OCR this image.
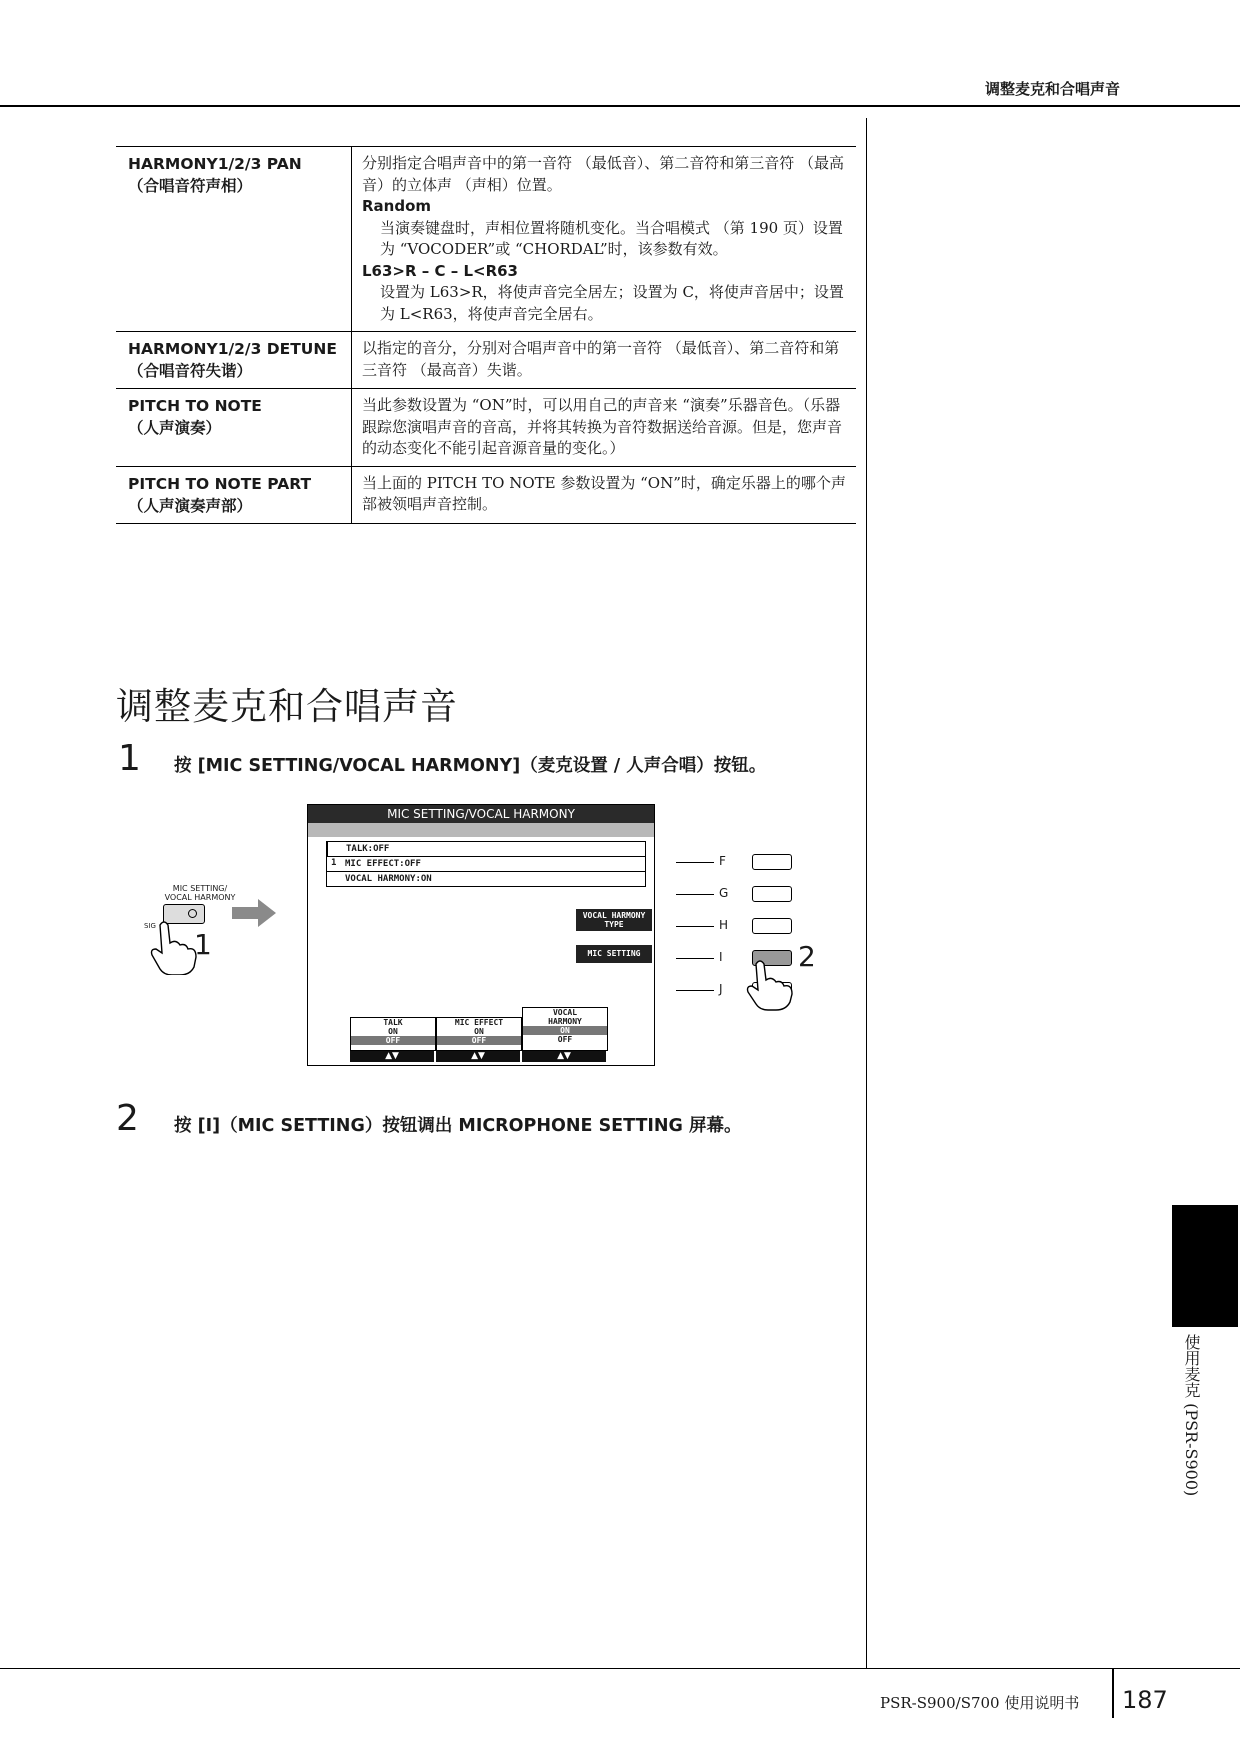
调整麦克和合唱声音
HARMONY1/2/3 PAN
（合唱音符声相）
分别指定合唱声音中的第一音符 （最低音）、第二音符和第三音符 （最高音）的立体声 （声相）位置。
Random
当演奏键盘时，声相位置将随机变化。当合唱模式 （第 190 页）设置为 “VOCODER”或 “CHORDAL”时，该参数有效。
L63>R – C – L<R63
设置为 L63>R，将使声音完全居左；设置为 C，将使声音居中；设置为 L<R63，将使声音完全居右。
HARMONY1/2/3 DETUNE
（合唱音符失谐）
以指定的音分，分别对合唱声音中的第一音符 （最低音）、第二音符和第三音符 （最高音）失谐。
PITCH TO NOTE
（人声演奏）
当此参数设置为 “ON”时，可以用自己的声音来 “演奏”乐器音色。（乐器跟踪您演唱声音的音高，并将其转换为音符数据送给音源。但是，您声音的动态变化不能引起音源音量的变化。）
PITCH TO NOTE PART
（人声演奏声部）
当上面的 PITCH TO NOTE 参数设置为 “ON”时，确定乐器上的哪个声部被领唱声音控制。
调整麦克和合唱声音
1 按 [MIC SETTING/VOCAL HARMONY]（麦克设置 / 人声合唱）按钮。
MIC SETTING/
VOCAL HARMONY
SIG
1
MIC SETTING/VOCAL HARMONY
1
TALK:OFF
MIC EFFECT:OFF
VOCAL HARMONY:ON
VOCAL HARMONY
TYPE
MIC SETTING
TALK
ON
OFF
▲▼
MIC EFFECT
ON
OFF
▲▼
VOCAL
HARMONY
ON
OFF
▲▼
F
G
H
I
J
2
2 按 [I]（MIC SETTING）按钮调出 MICROPHONE SETTING 屏幕。
使用麦克 (PSR-S900)
PSR-S900/S700 使用说明书 187
